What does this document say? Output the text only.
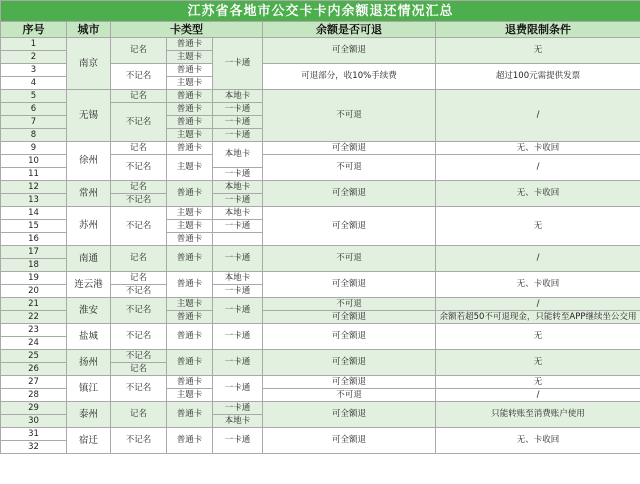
江苏省各地市公交卡卡内余额退还情况汇总						
序号	城市	卡类型			余额是否可退	退费限制条件
1	南京	记名	普通卡	一卡通	可全额退	无
2			主题卡			
3		不记名	普通卡		可退部分，收10%手续费	超过100元需提供发票
4			主题卡			
5	无锡	记名	普通卡	本地卡	不可退	/
6		不记名	普通卡	一卡通		
7			普通卡	一卡通		
8			主题卡	一卡通		
9	徐州	记名	普通卡	本地卡	可全额退	无、卡收回
10		不记名	主题卡		不可退	/
11				一卡通		
12	常州	记名	普通卡	本地卡	可全额退	无、卡收回
13		不记名		一卡通		
14	苏州	不记名	主题卡	本地卡	可全额退	无
15			主题卡	一卡通		
16			普通卡			
17	南通	记名	普通卡	一卡通	不可退	/
18						
19	连云港	记名	普通卡	本地卡	可全额退	无、卡收回
20		不记名		一卡通		
21	淮安	不记名	主题卡	一卡通	不可退	/
22			普通卡		可全额退	余额若超50不可退现金，只能转至APP继续坐公交用
23	盐城	不记名	普通卡	一卡通	可全额退	无
24						
25	扬州	不记名	普通卡	一卡通	可全额退	无
26		记名				
27	镇江	不记名	普通卡	一卡通	可全额退	无
28			主题卡		不可退	/
29	泰州	记名	普通卡	一卡通	可全额退	只能转账至消费账户使用
30				本地卡		
31	宿迁	不记名	普通卡	一卡通	可全额退	无、卡收回
32						
